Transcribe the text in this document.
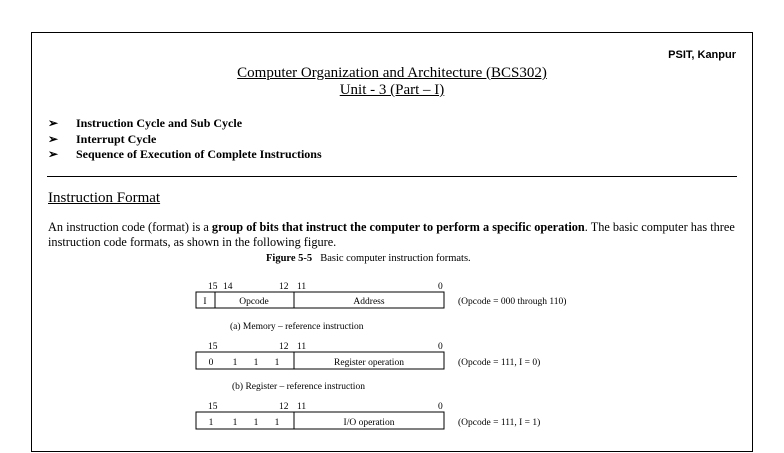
PSIT, Kanpur
Computer Organization and Architecture (BCS302)
Unit - 3 (Part – I)
➢	Instruction Cycle and Sub Cycle
➢	Interrupt Cycle
➢	Sequence of Execution of Complete Instructions
Instruction Format
An instruction code (format) is a group of bits that instruct the computer to perform a specific operation. The basic computer has three instruction code formats, as shown in the following figure.
Figure 5-5 Basic computer instruction formats.
15 14	12 11	0
I	Opcode	Address	(Opcode = 000 through 110)
(a) Memory – reference instruction
15	12 11	0
0 1 1 1	Register operation	(Opcode = 111, I = 0)
(b) Register – reference instruction
15	12 11	0
1 1 1 1	I/O operation	(Opcode = 111, I = 1)
